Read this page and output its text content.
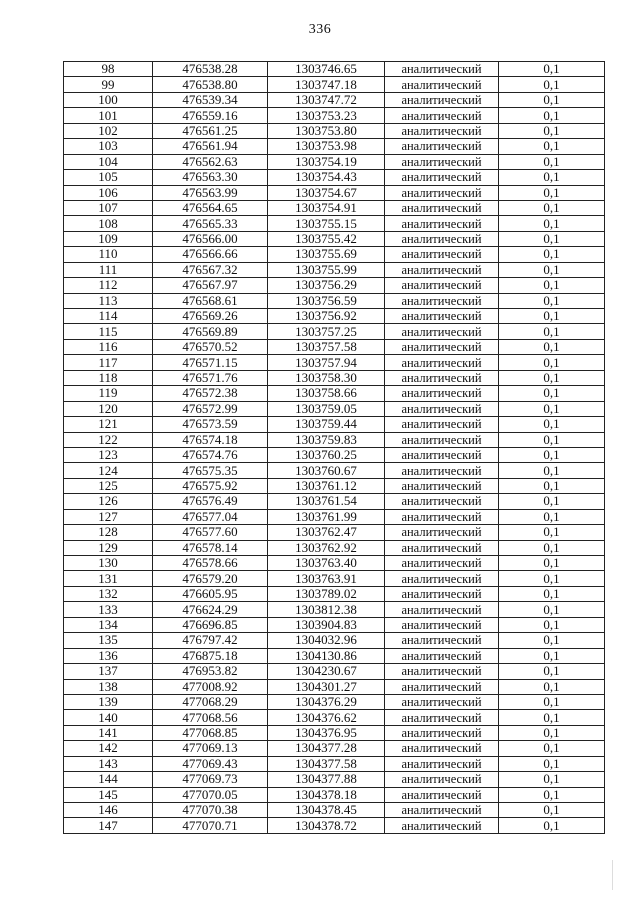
336
98	476538.28	1303746.65	аналитический	0,1
99	476538.80	1303747.18	аналитический	0,1
100	476539.34	1303747.72	аналитический	0,1
101	476559.16	1303753.23	аналитический	0,1
102	476561.25	1303753.80	аналитический	0,1
103	476561.94	1303753.98	аналитический	0,1
104	476562.63	1303754.19	аналитический	0,1
105	476563.30	1303754.43	аналитический	0,1
106	476563.99	1303754.67	аналитический	0,1
107	476564.65	1303754.91	аналитический	0,1
108	476565.33	1303755.15	аналитический	0,1
109	476566.00	1303755.42	аналитический	0,1
110	476566.66	1303755.69	аналитический	0,1
111	476567.32	1303755.99	аналитический	0,1
112	476567.97	1303756.29	аналитический	0,1
113	476568.61	1303756.59	аналитический	0,1
114	476569.26	1303756.92	аналитический	0,1
115	476569.89	1303757.25	аналитический	0,1
116	476570.52	1303757.58	аналитический	0,1
117	476571.15	1303757.94	аналитический	0,1
118	476571.76	1303758.30	аналитический	0,1
119	476572.38	1303758.66	аналитический	0,1
120	476572.99	1303759.05	аналитический	0,1
121	476573.59	1303759.44	аналитический	0,1
122	476574.18	1303759.83	аналитический	0,1
123	476574.76	1303760.25	аналитический	0,1
124	476575.35	1303760.67	аналитический	0,1
125	476575.92	1303761.12	аналитический	0,1
126	476576.49	1303761.54	аналитический	0,1
127	476577.04	1303761.99	аналитический	0,1
128	476577.60	1303762.47	аналитический	0,1
129	476578.14	1303762.92	аналитический	0,1
130	476578.66	1303763.40	аналитический	0,1
131	476579.20	1303763.91	аналитический	0,1
132	476605.95	1303789.02	аналитический	0,1
133	476624.29	1303812.38	аналитический	0,1
134	476696.85	1303904.83	аналитический	0,1
135	476797.42	1304032.96	аналитический	0,1
136	476875.18	1304130.86	аналитический	0,1
137	476953.82	1304230.67	аналитический	0,1
138	477008.92	1304301.27	аналитический	0,1
139	477068.29	1304376.29	аналитический	0,1
140	477068.56	1304376.62	аналитический	0,1
141	477068.85	1304376.95	аналитический	0,1
142	477069.13	1304377.28	аналитический	0,1
143	477069.43	1304377.58	аналитический	0,1
144	477069.73	1304377.88	аналитический	0,1
145	477070.05	1304378.18	аналитический	0,1
146	477070.38	1304378.45	аналитический	0,1
147	477070.71	1304378.72	аналитический	0,1
